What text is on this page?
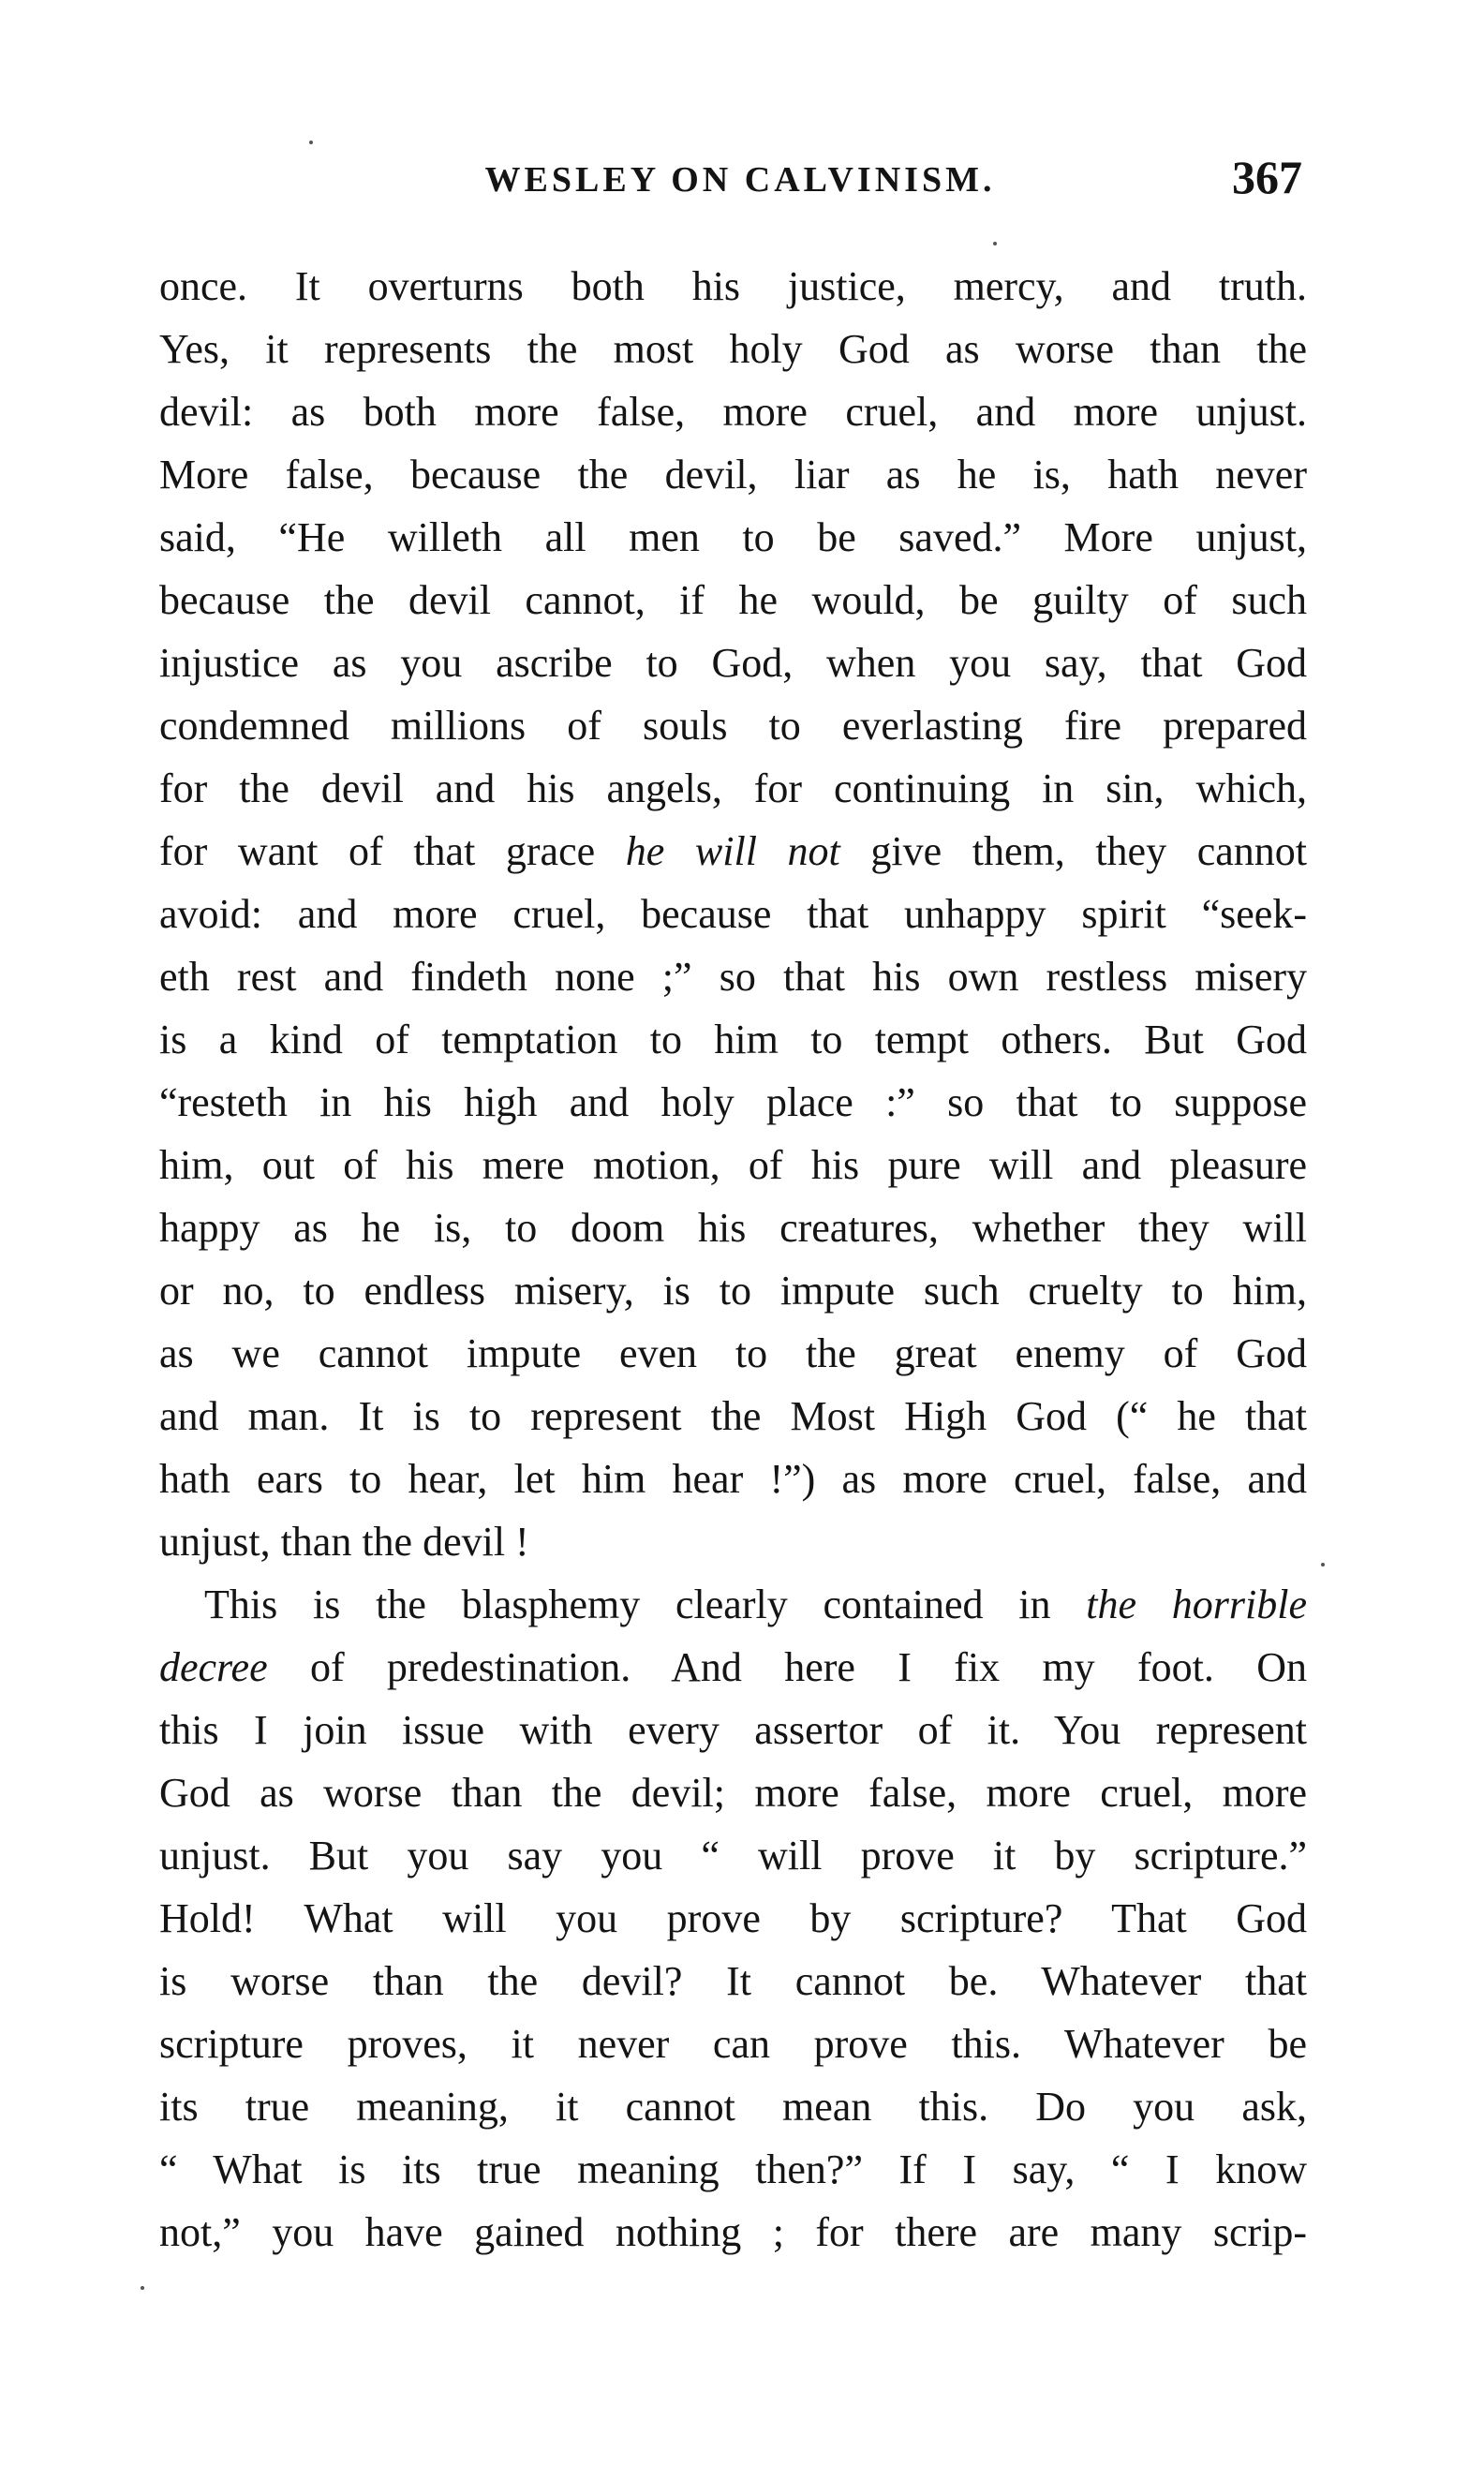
WESLEY ON CALVINISM.	367
once. It overturns both his justice, mercy, and truth.
Yes, it represents the most holy God as worse than the
devil: as both more false, more cruel, and more unjust.
More false, because the devil, liar as he is, hath never
said, “He willeth all men to be saved.” More unjust,
because the devil cannot, if he would, be guilty of such
injustice as you ascribe to God, when you say, that God
condemned millions of souls to everlasting fire prepared
for the devil and his angels, for continuing in sin, which,
for want of that grace he will not give them, they cannot
avoid: and more cruel, because that unhappy spirit “seek-
eth rest and findeth none ;” so that his own restless misery
is a kind of temptation to him to tempt others. But God
“resteth in his high and holy place :” so that to suppose
him, out of his mere motion, of his pure will and pleasure
happy as he is, to doom his creatures, whether they will
or no, to endless misery, is to impute such cruelty to him,
as we cannot impute even to the great enemy of God
and man. It is to represent the Most High God (“ he that
hath ears to hear, let him hear !”) as more cruel, false, and
unjust, than the devil !
This is the blasphemy clearly contained in the horrible
decree of predestination. And here I fix my foot. On
this I join issue with every assertor of it. You represent
God as worse than the devil; more false, more cruel, more
unjust. But you say you “ will prove it by scripture.”
Hold! What will you prove by scripture? That God
is worse than the devil? It cannot be. Whatever that
scripture proves, it never can prove this. Whatever be
its true meaning, it cannot mean this. Do you ask,
“ What is its true meaning then?” If I say, “ I know
not,” you have gained nothing ; for there are many scrip-
